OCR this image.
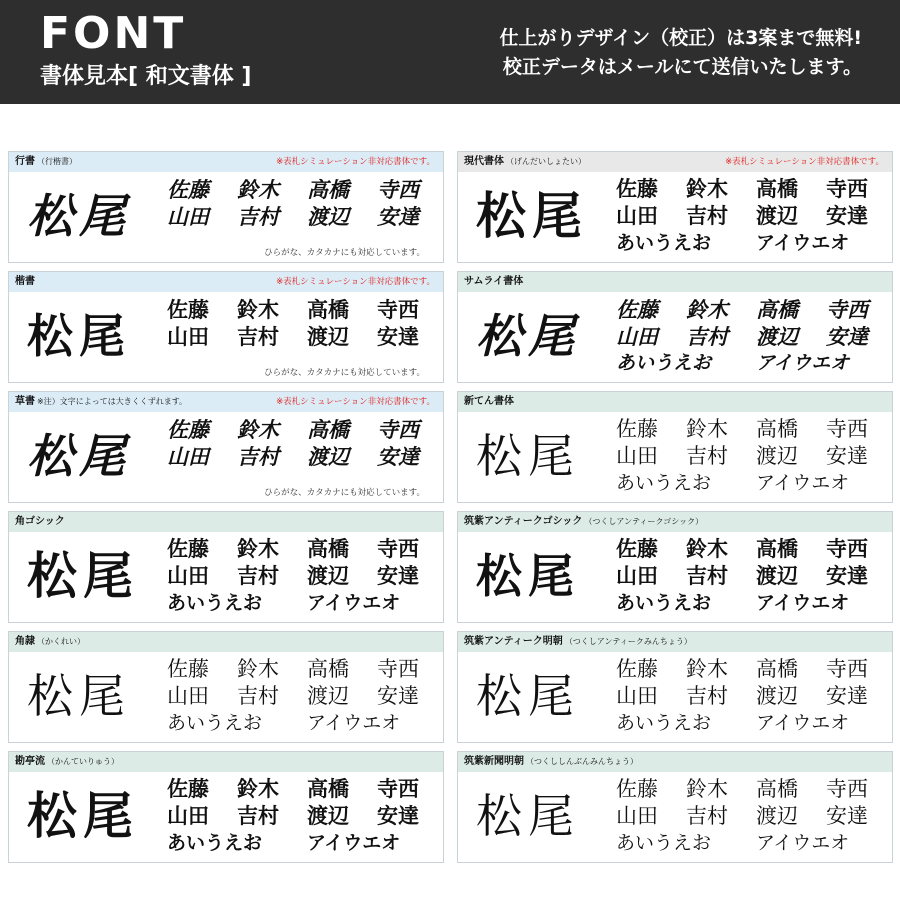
FONT
書体見本[ 和文書体 ]
仕上がりデザイン（校正）は3案まで無料!
校正データはメールにて送信いたします。
行書 （行楷書）	※表札シミュレーション非対応書体です。
松尾 佐藤	鈴木	高橋	寺西
山田	吉村	渡辺	安達
ひらがな、カタカナにも対応しています。
現代書体 （げんだいしょたい）	※表札シミュレーション非対応書体です。
松尾 佐藤	鈴木	高橋	寺西
山田	吉村	渡辺	安達
あいうえお	アイウエオ
楷書	※表札シミュレーション非対応書体です。
松尾 佐藤	鈴木	高橋	寺西
山田	吉村	渡辺	安達
ひらがな、カタカナにも対応しています。
サムライ書体
松尾 佐藤	鈴木	高橋	寺西
山田	吉村	渡辺	安達
あいうえお	アイウエオ
草書 ※注）文字によっては大きくくずれます。	※表札シミュレーション非対応書体です。
松尾 佐藤	鈴木	高橋	寺西
山田	吉村	渡辺	安達
ひらがな、カタカナにも対応しています。
新てん書体
松尾 佐藤	鈴木	高橋	寺西
山田	吉村	渡辺	安達
あいうえお	アイウエオ
角ゴシック
松尾 佐藤	鈴木	高橋	寺西
山田	吉村	渡辺	安達
あいうえお	アイウエオ
筑紫アンティークゴシック （つくしアンティークゴシック）
松尾 佐藤	鈴木	高橋	寺西
山田	吉村	渡辺	安達
あいうえお	アイウエオ
角隷 （かくれい）
松尾 佐藤	鈴木	高橋	寺西
山田	吉村	渡辺	安達
あいうえお	アイウエオ
筑紫アンティーク明朝 （つくしアンティークみんちょう）
松尾 佐藤	鈴木	高橋	寺西
山田	吉村	渡辺	安達
あいうえお	アイウエオ
勘亭流 （かんていりゅう）
松尾 佐藤	鈴木	高橋	寺西
山田	吉村	渡辺	安達
あいうえお	アイウエオ
筑紫新聞明朝 （つくししんぶんみんちょう）
松尾 佐藤	鈴木	高橋	寺西
山田	吉村	渡辺	安達
あいうえお	アイウエオ
